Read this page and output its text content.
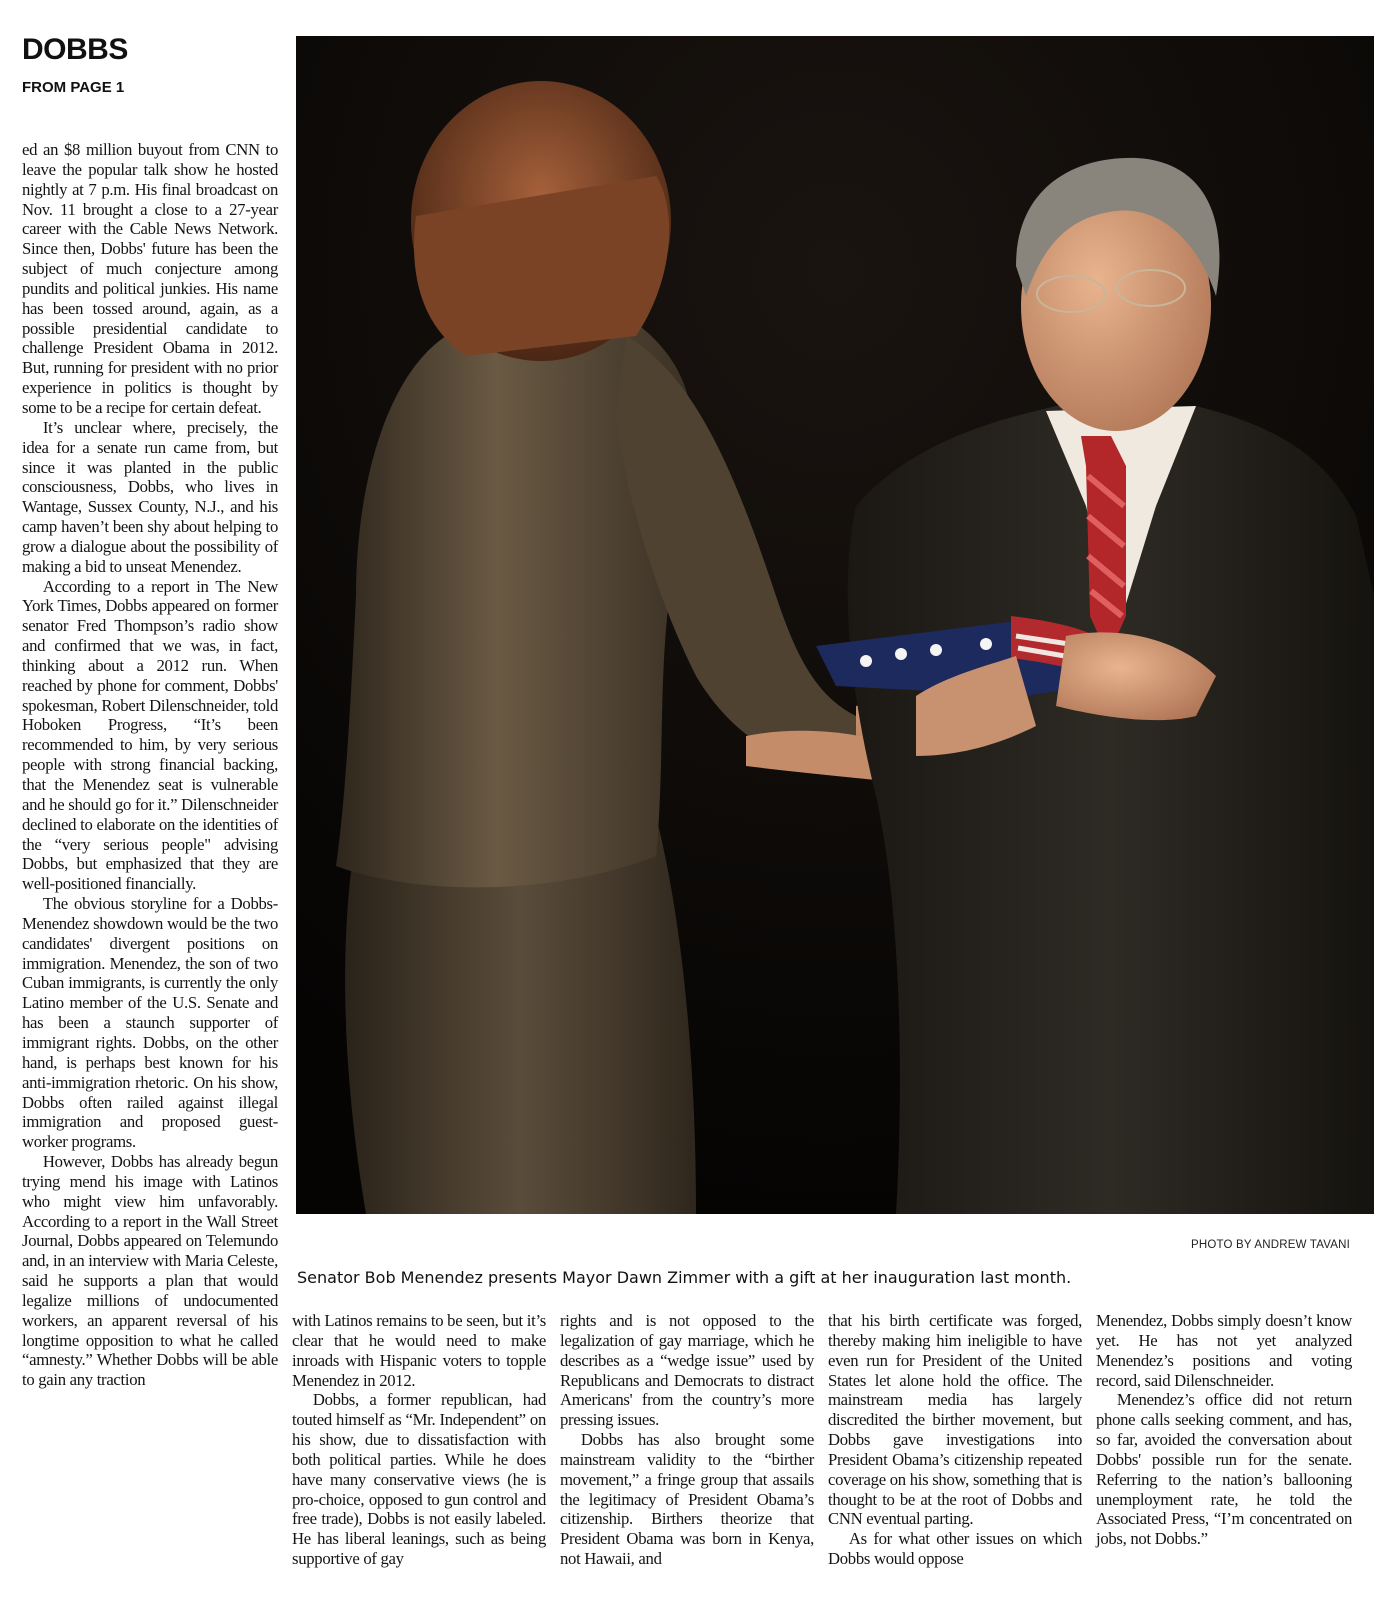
DOBBS
FROM PAGE 1

ed an $8 million buyout from CNN to leave the popular talk show he hosted nightly at 7 p.m. His final broadcast on Nov. 11 brought a close to a 27-year career with the Cable News Network. Since then, Dobbs' future has been the subject of much conjecture among pundits and political junkies. His name has been tossed around, again, as a possible presidential candidate to challenge President Obama in 2012. But, running for president with no prior experience in politics is thought by some to be a recipe for certain defeat.

It’s unclear where, precisely, the idea for a senate run came from, but since it was planted in the public consciousness, Dobbs, who lives in Wantage, Sussex County, N.J., and his camp haven’t been shy about helping to grow a dialogue about the possibility of making a bid to unseat Menendez.

According to a report in The New York Times, Dobbs appeared on former senator Fred Thompson’s radio show and confirmed that we was, in fact, thinking about a 2012 run. When reached by phone for comment, Dobbs' spokesman, Robert Dilenschneider, told Hoboken Progress, “It’s been recommended to him, by very serious people with strong financial backing, that the Menendez seat is vulnerable and he should go for it.” Dilenschneider declined to elaborate on the identities of the “very serious people" advising Dobbs, but emphasized that they are well-positioned financially.

The obvious storyline for a Dobbs-Menendez showdown would be the two candidates' divergent positions on immigration. Menendez, the son of two Cuban immigrants, is currently the only Latino member of the U.S. Senate and has been a staunch supporter of immigrant rights. Dobbs, on the other hand, is perhaps best known for his anti-immigration rhetoric. On his show, Dobbs often railed against illegal immigration and proposed guest-worker programs.

However, Dobbs has already begun trying mend his image with Latinos who might view him unfavorably. According to a report in the Wall Street Journal, Dobbs appeared on Telemundo and, in an interview with Maria Celeste, said he supports a plan that would legalize millions of undocumented workers, an apparent reversal of his longtime opposition to what he called “amnesty.” Whether Dobbs will be able to gain any traction

PHOTO BY ANDREW TAVANI
Senator Bob Menendez presents Mayor Dawn Zimmer with a gift at her inauguration last month.

with Latinos remains to be seen, but it’s clear that he would need to make inroads with Hispanic voters to topple Menendez in 2012.

Dobbs, a former republican, had touted himself as “Mr. Independent” on his show, due to dissatisfaction with both political parties. While he does have many conservative views (he is pro-choice, opposed to gun control and free trade), Dobbs is not easily labeled. He has liberal leanings, such as being supportive of gay

rights and is not opposed to the legalization of gay marriage, which he describes as a “wedge issue” used by Republicans and Democrats to distract Americans' from the country’s more pressing issues.

Dobbs has also brought some mainstream validity to the “birther movement,” a fringe group that assails the legitimacy of President Obama’s citizenship. Birthers theorize that President Obama was born in Kenya, not Hawaii, and

that his birth certificate was forged, thereby making him ineligible to have even run for President of the United States let alone hold the office. The mainstream media has largely discredited the birther movement, but Dobbs gave investigations into President Obama’s citizenship repeated coverage on his show, something that is thought to be at the root of Dobbs and CNN eventual parting.

As for what other issues on which Dobbs would oppose

Menendez, Dobbs simply doesn’t know yet. He has not yet analyzed Menendez’s positions and voting record, said Dilenschneider.

Menendez’s office did not return phone calls seeking comment, and has, so far, avoided the conversation about Dobbs' possible run for the senate. Referring to the nation’s ballooning unemployment rate, he told the Associated Press, “I’m concentrated on jobs, not Dobbs.”
